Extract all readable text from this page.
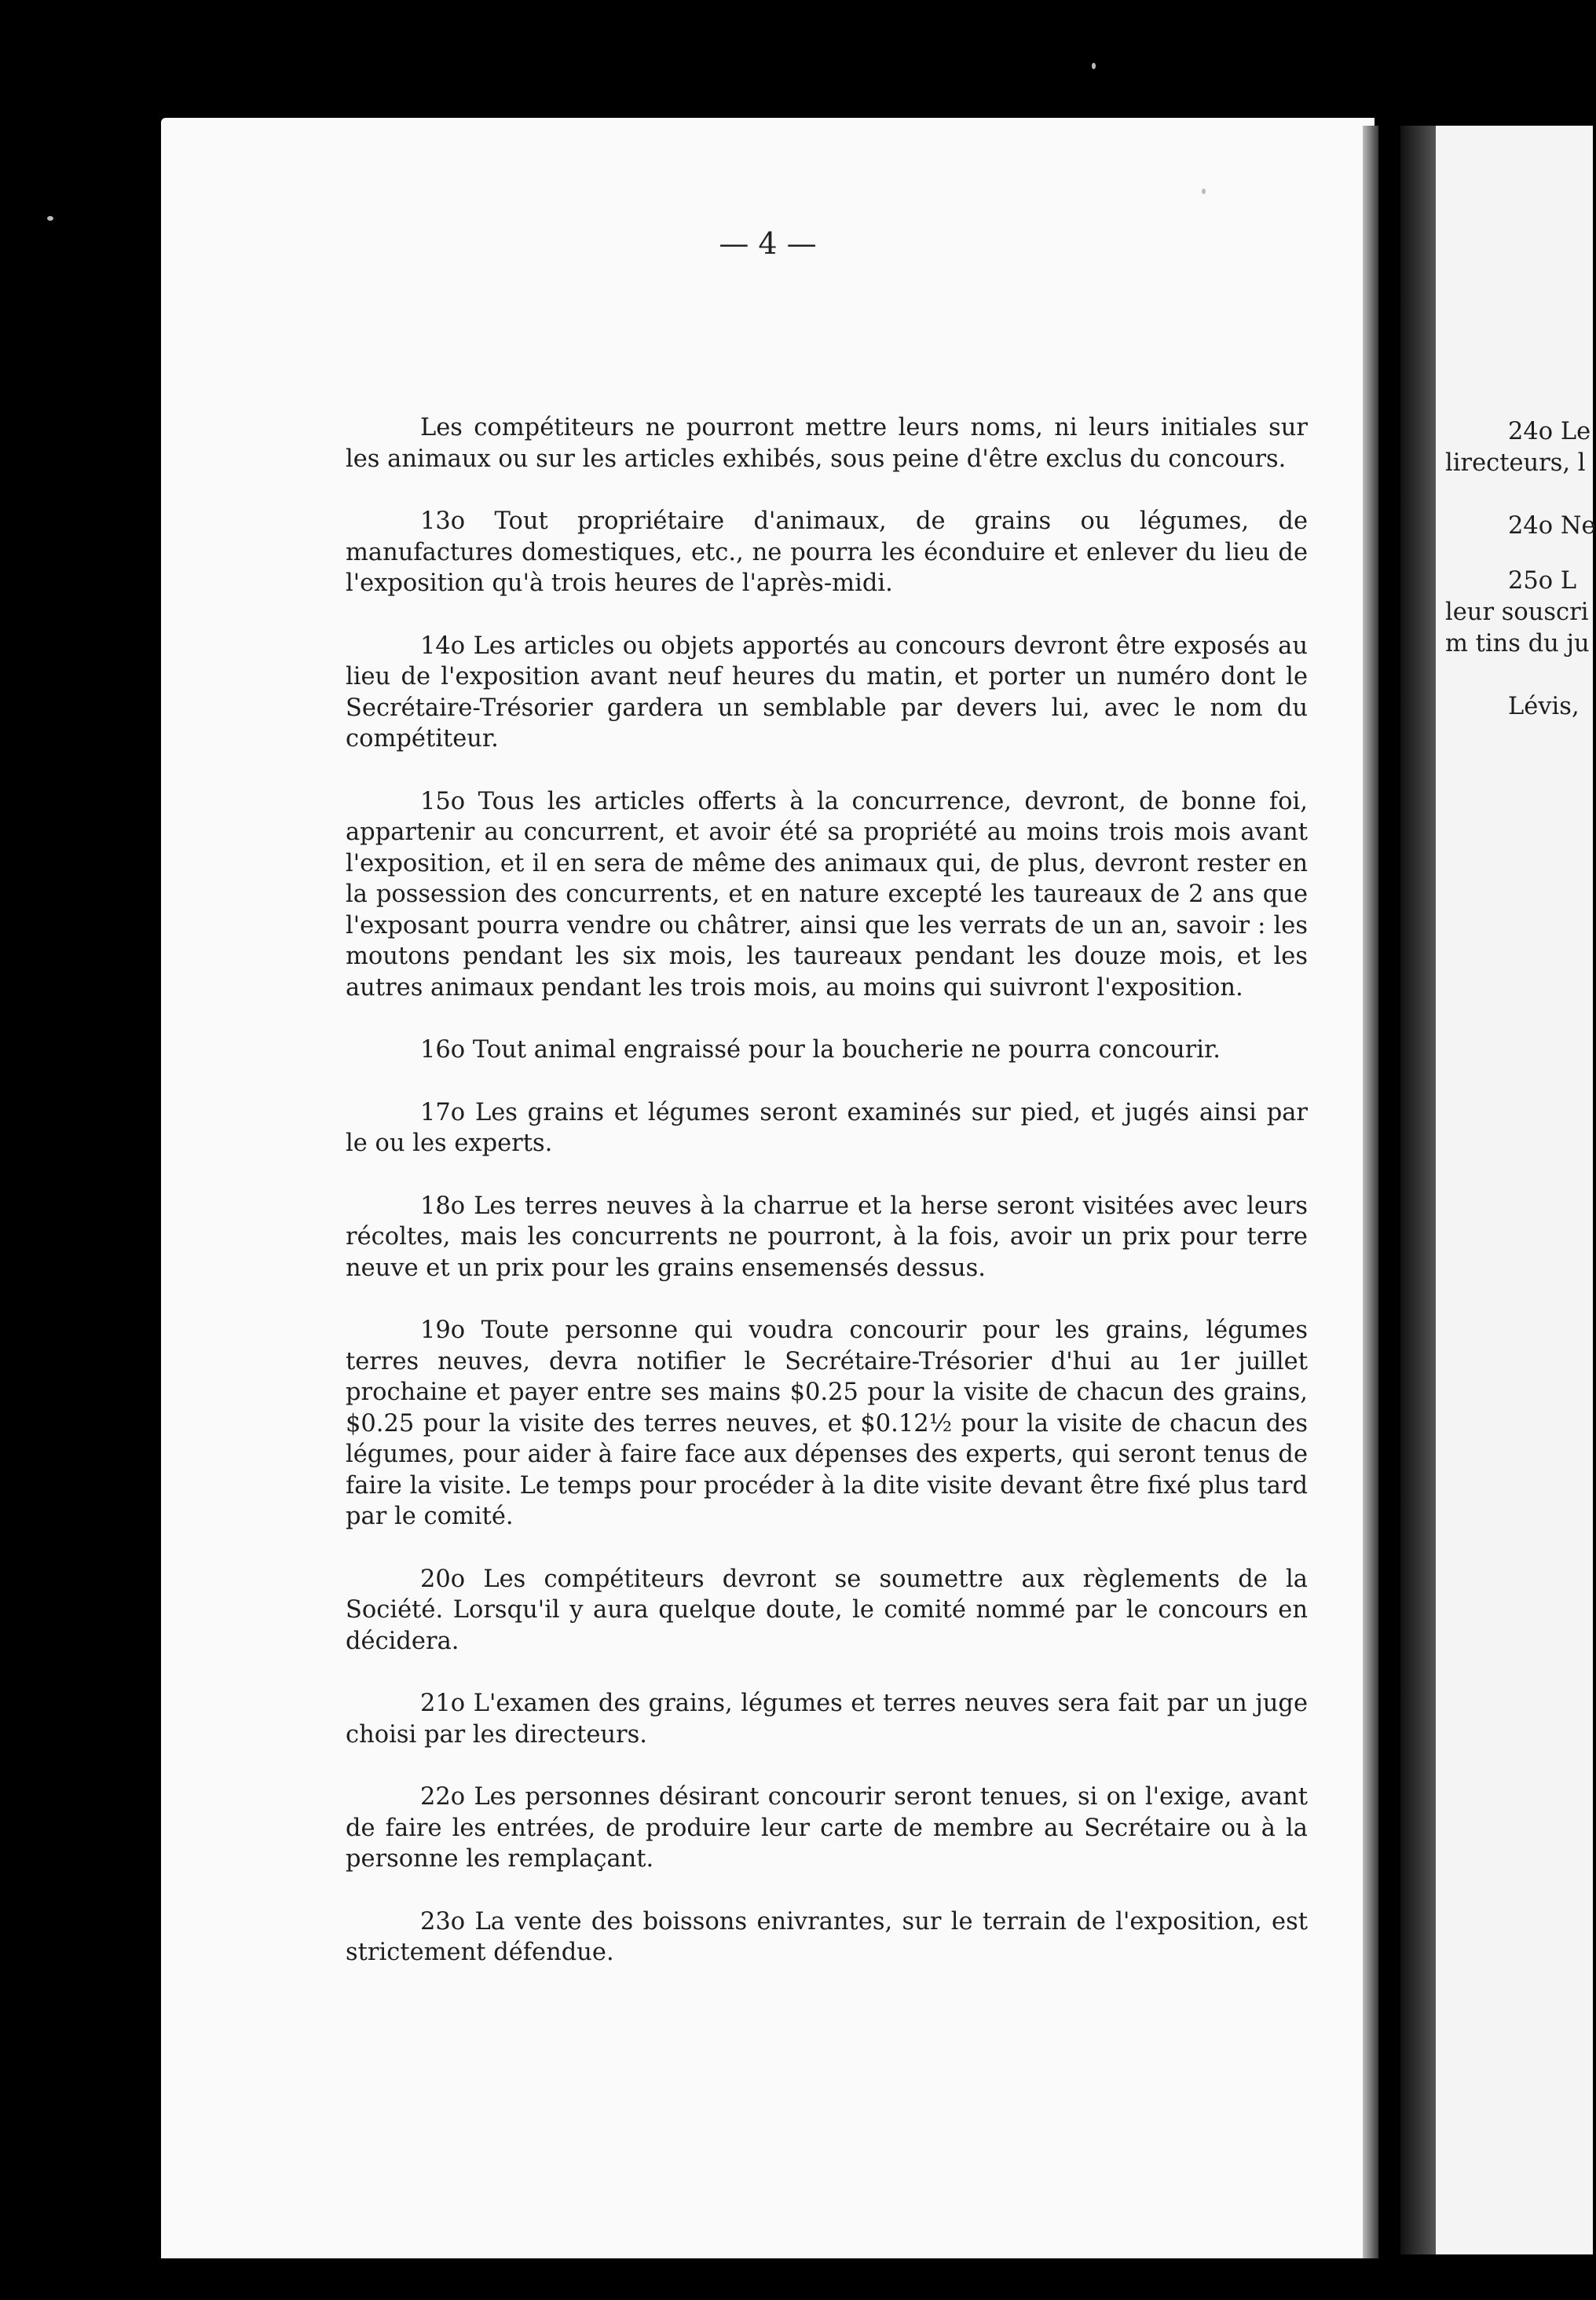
— 4 —

Les compétiteurs ne pourront mettre leurs noms, ni leurs initiales sur les animaux ou sur les articles exhibés, sous peine d'être exclus du concours.

13o Tout propriétaire d'animaux, de grains ou légumes, de manufactures domestiques, etc., ne pourra les éconduire et enlever du lieu de l'exposition qu'à trois heures de l'après-midi.

14o Les articles ou objets apportés au concours devront être exposés au lieu de l'exposition avant neuf heures du matin, et porter un numéro dont le Secrétaire-Trésorier gardera un semblable par devers lui, avec le nom du compétiteur.

15o Tous les articles offerts à la concurrence, devront, de bonne foi, appartenir au concurrent, et avoir été sa propriété au moins trois mois avant l'exposition, et il en sera de même des animaux qui, de plus, devront rester en la possession des concurrents, et en nature excepté les taureaux de 2 ans que l'exposant pourra vendre ou châtrer, ainsi que les verrats de un an, savoir : les moutons pendant les six mois, les taureaux pendant les douze mois, et les autres animaux pendant les trois mois, au moins qui suivront l'exposition.

16o Tout animal engraissé pour la boucherie ne pourra concourir.

17o Les grains et légumes seront examinés sur pied, et jugés ainsi par le ou les experts.

18o Les terres neuves à la charrue et la herse seront visitées avec leurs récoltes, mais les concurrents ne pourront, à la fois, avoir un prix pour terre neuve et un prix pour les grains ensemensés dessus.

19o Toute personne qui voudra concourir pour les grains, légumes terres neuves, devra notifier le Secrétaire-Trésorier d'hui au 1er juillet prochaine et payer entre ses mains $0.25 pour la visite de chacun des grains, $0.25 pour la visite des terres neuves, et $0.12½ pour la visite de chacun des légumes, pour aider à faire face aux dépenses des experts, qui seront tenus de faire la visite. Le temps pour procéder à la dite visite devant être fixé plus tard par le comité.

20o Les compétiteurs devront se soumettre aux règlements de la Société. Lorsqu'il y aura quelque doute, le comité nommé par le concours en décidera.

21o L'examen des grains, légumes et terres neuves sera fait par un juge choisi par les directeurs.

22o Les personnes désirant concourir seront tenues, si on l'exige, avant de faire les entrées, de produire leur carte de membre au Secrétaire ou à la personne les remplaçant.

23o La vente des boissons enivrantes, sur le terrain de l'exposition, est strictement défendue.

24o Le
lirecteurs, l
24o Ne
25o L
leur souscri
m tins du ju
Lévis,
